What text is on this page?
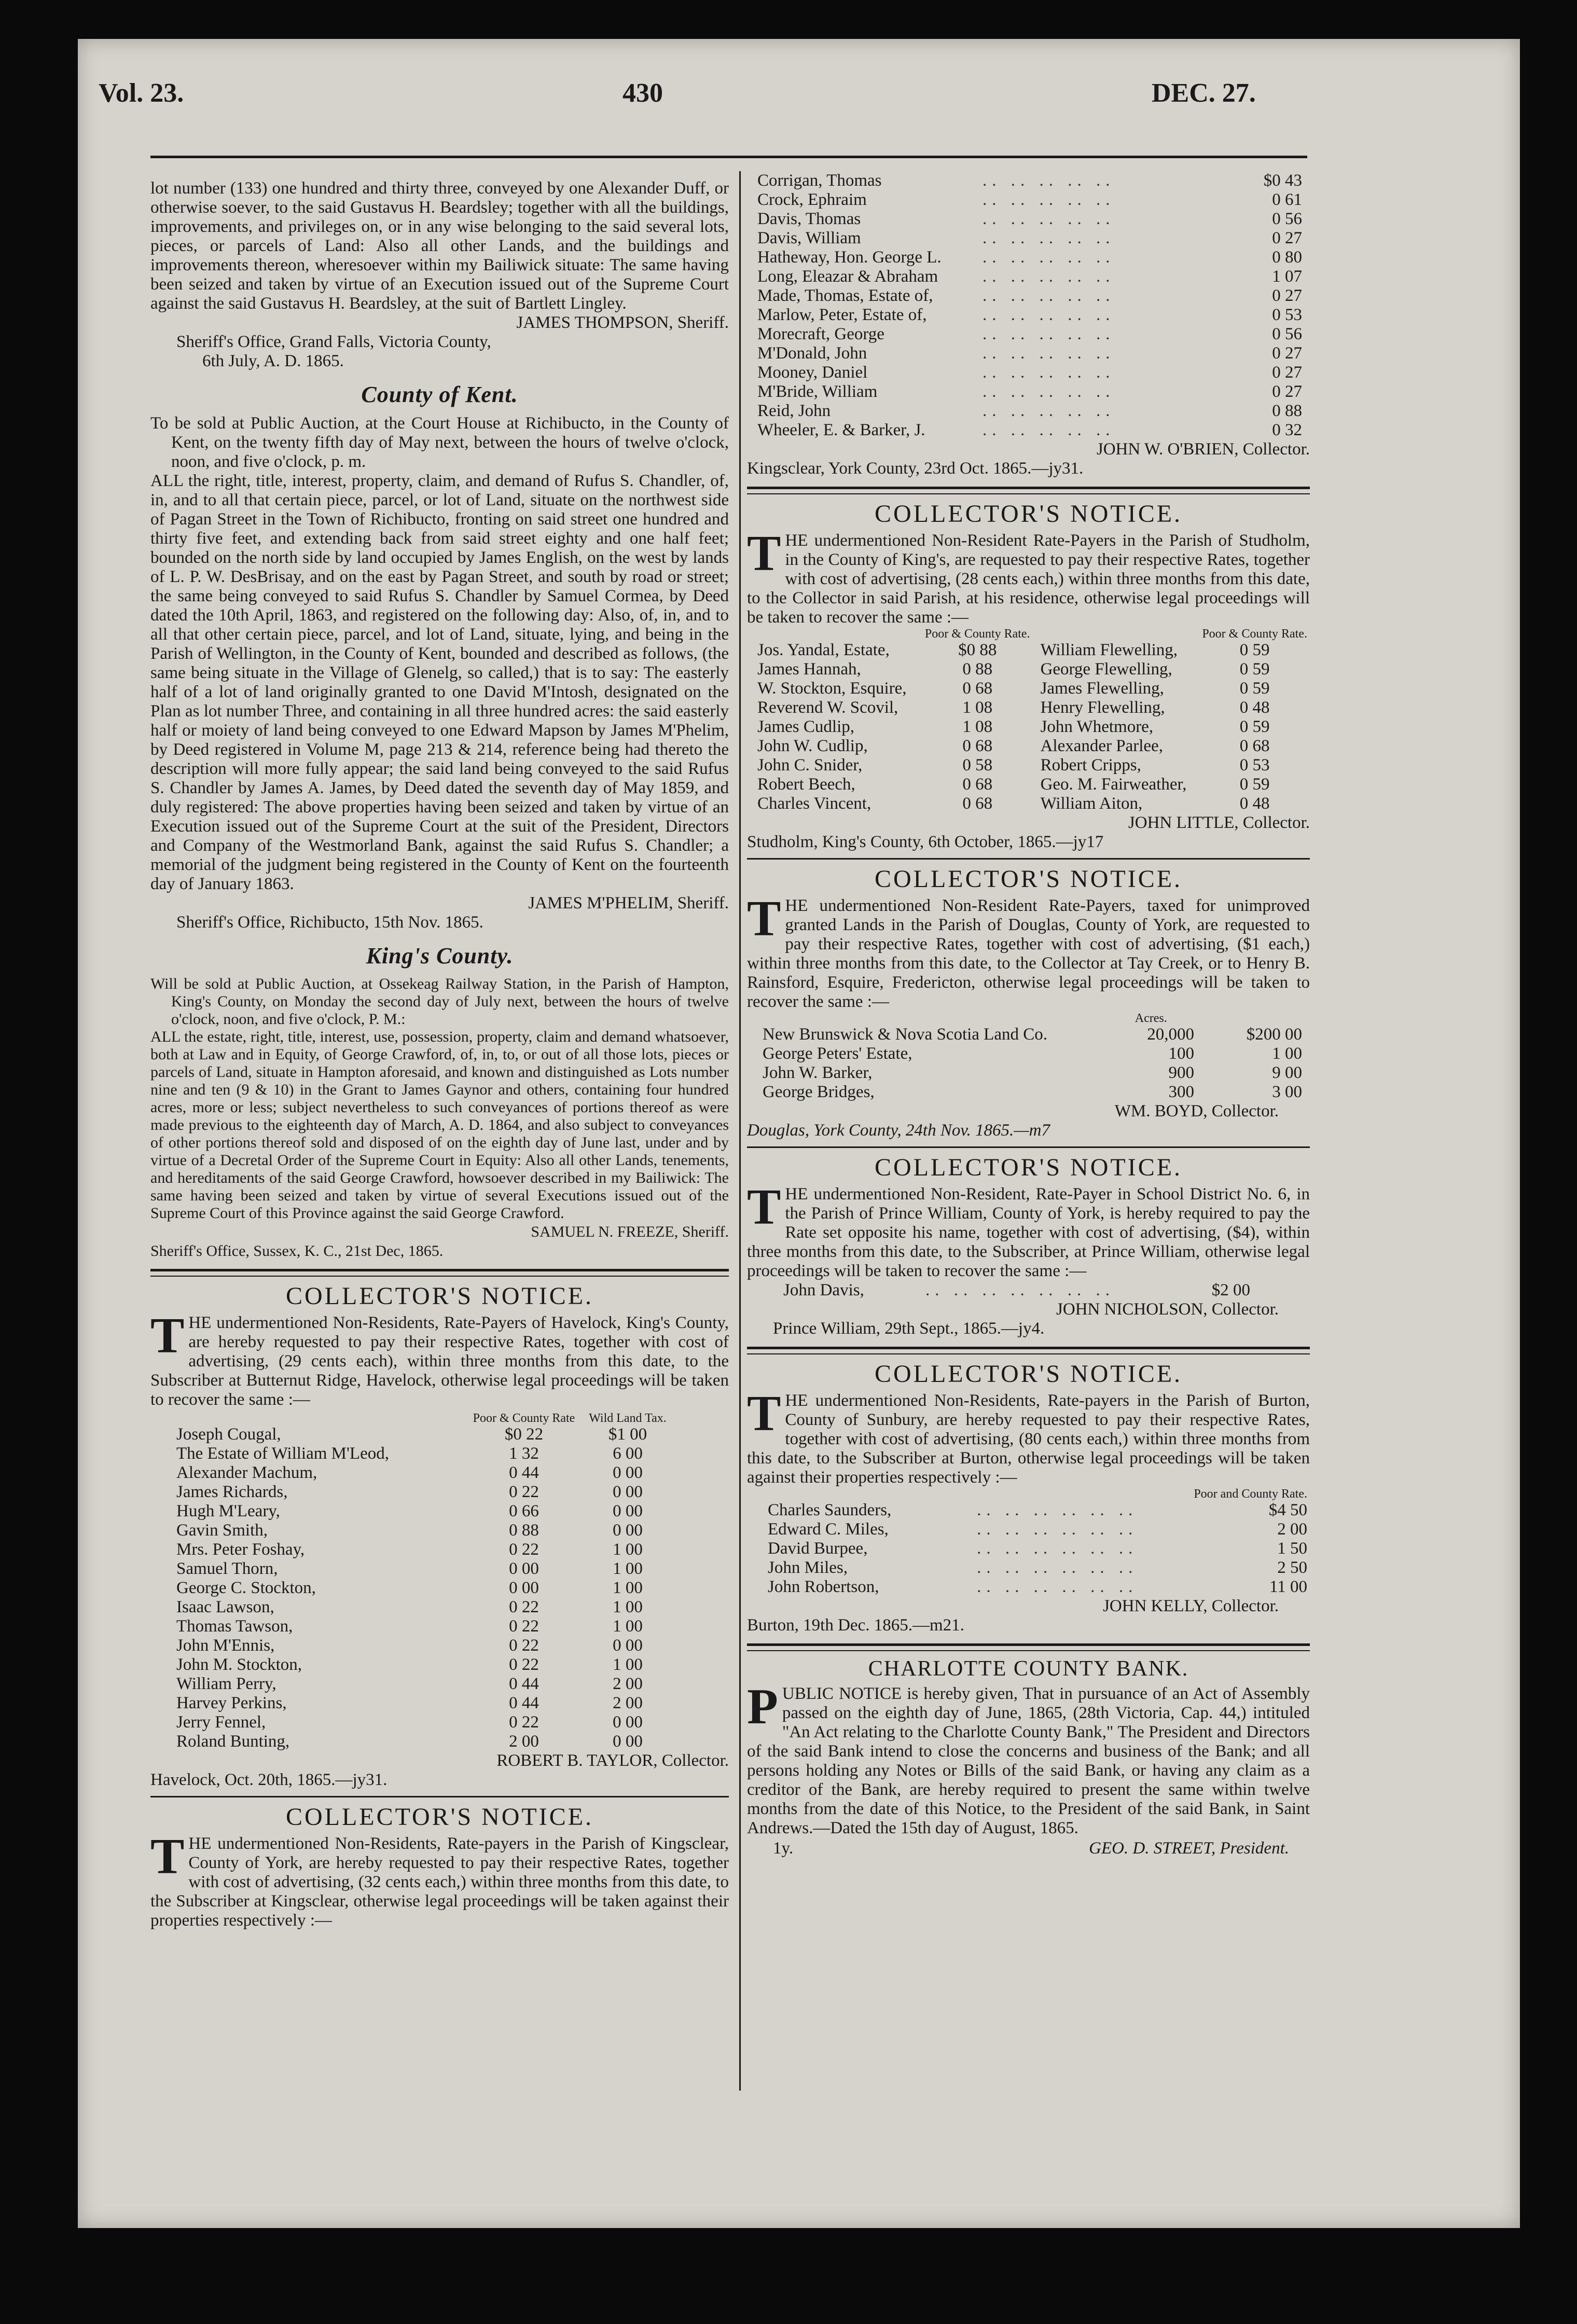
Vol. 23.	430	DEC. 27.

lot number (133) one hundred and thirty three, conveyed by one Alexander Duff, or otherwise soever, to the said Gustavus H. Beardsley; together with all the buildings, improvements, and privileges on, or in any wise belonging to the said several lots, pieces, or parcels of Land: Also all other Lands, and the buildings and improvements thereon, wheresoever within my Bailiwick situate: The same having been seized and taken by virtue of an Execution issued out of the Supreme Court against the said Gustavus H. Beardsley, at the suit of Bartlett Lingley.

JAMES THOMPSON, Sheriff.
Sheriff's Office, Grand Falls, Victoria County,
6th July, A. D. 1865.
County of Kent.

To be sold at Public Auction, at the Court House at Richibucto, in the County of Kent, on the twenty fifth day of May next, between the hours of twelve o'clock, noon, and five o'clock, p. m.

ALL the right, title, interest, property, claim, and demand of Rufus S. Chandler, of, in, and to all that certain piece, parcel, or lot of Land, situate on the northwest side of Pagan Street in the Town of Richibucto, fronting on said street one hundred and thirty five feet, and extending back from said street eighty and one half feet; bounded on the north side by land occupied by James English, on the west by lands of L. P. W. DesBrisay, and on the east by Pagan Street, and south by road or street; the same being conveyed to said Rufus S. Chandler by Samuel Cormea, by Deed dated the 10th April, 1863, and registered on the following day: Also, of, in, and to all that other certain piece, parcel, and lot of Land, situate, lying, and being in the Parish of Wellington, in the County of Kent, bounded and described as follows, (the same being situate in the Village of Glenelg, so called,) that is to say: The easterly half of a lot of land originally granted to one David M'Intosh, designated on the Plan as lot number Three, and containing in all three hundred acres: the said easterly half or moiety of land being conveyed to one Edward Mapson by James M'Phelim, by Deed registered in Volume M, page 213 & 214, reference being had thereto the description will more fully appear; the said land being conveyed to the said Rufus S. Chandler by James A. James, by Deed dated the seventh day of May 1859, and duly registered: The above properties having been seized and taken by virtue of an Execution issued out of the Supreme Court at the suit of the President, Directors and Company of the Westmorland Bank, against the said Rufus S. Chandler; a memorial of the judgment being registered in the County of Kent on the fourteenth day of January 1863.

JAMES M'PHELIM, Sheriff.
Sheriff's Office, Richibucto, 15th Nov. 1865.
King's County.

Will be sold at Public Auction, at Ossekeag Railway Station, in the Parish of Hampton, King's County, on Monday the second day of July next, between the hours of twelve o'clock, noon, and five o'clock, P. M.:

ALL the estate, right, title, interest, use, possession, property, claim and demand whatsoever, both at Law and in Equity, of George Crawford, of, in, to, or out of all those lots, pieces or parcels of Land, situate in Hampton aforesaid, and known and distinguished as Lots number nine and ten (9 & 10) in the Grant to James Gaynor and others, containing four hundred acres, more or less; subject nevertheless to such conveyances of portions thereof as were made previous to the eighteenth day of March, A. D. 1864, and also subject to conveyances of other portions thereof sold and disposed of on the eighth day of June last, under and by virtue of a Decretal Order of the Supreme Court in Equity: Also all other Lands, tenements, and hereditaments of the said George Crawford, howsoever described in my Bailiwick: The same having been seized and taken by virtue of several Executions issued out of the Supreme Court of this Province against the said George Crawford.

SAMUEL N. FREEZE, Sheriff.
Sheriff's Office, Sussex, K. C., 21st Dec, 1865.
COLLECTOR'S NOTICE.

THE undermentioned Non-Residents, Rate-Payers of Havelock, King's County, are hereby requested to pay their respective Rates, together with cost of advertising, (29 cents each), within three months from this date, to the Subscriber at Butternut Ridge, Havelock, otherwise legal proceedings will be taken to recover the same :—

	Poor & County Rate	Wild Land Tax.
Joseph Cougal,	$0 22	$1 00
The Estate of William M'Leod,	1 32	6 00
Alexander Machum,	0 44	0 00
James Richards,	0 22	0 00
Hugh M'Leary,	0 66	0 00
Gavin Smith,	0 88	0 00
Mrs. Peter Foshay,	0 22	1 00
Samuel Thorn,	0 00	1 00
George C. Stockton,	0 00	1 00
Isaac Lawson,	0 22	1 00
Thomas Tawson,	0 22	1 00
John M'Ennis,	0 22	0 00
John M. Stockton,	0 22	1 00
William Perry,	0 44	2 00
Harvey Perkins,	0 44	2 00
Jerry Fennel,	0 22	0 00
Roland Bunting,	2 00	0 00
ROBERT B. TAYLOR, Collector.
Havelock, Oct. 20th, 1865.—jy31.
COLLECTOR'S NOTICE.

THE undermentioned Non-Residents, Rate-payers in the Parish of Kingsclear, County of York, are hereby requested to pay their respective Rates, together with cost of advertising, (32 cents each,) within three months from this date, to the Subscriber at Kingsclear, otherwise legal proceedings will be taken against their properties respectively :—

Corrigan, Thomas	.. .. .. .. ..	$0 43
Crock, Ephraim	.. .. .. .. ..	0 61
Davis, Thomas	.. .. .. .. ..	0 56
Davis, William	.. .. .. .. ..	0 27
Hatheway, Hon. George L.	.. .. .. .. ..	0 80
Long, Eleazar & Abraham	.. .. .. .. ..	1 07
Made, Thomas, Estate of,	.. .. .. .. ..	0 27
Marlow, Peter, Estate of,	.. .. .. .. ..	0 53
Morecraft, George	.. .. .. .. ..	0 56
M'Donald, John	.. .. .. .. ..	0 27
Mooney, Daniel	.. .. .. .. ..	0 27
M'Bride, William	.. .. .. .. ..	0 27
Reid, John	.. .. .. .. ..	0 88
Wheeler, E. & Barker, J.	.. .. .. .. ..	0 32
JOHN W. O'BRIEN, Collector.
Kingsclear, York County, 23rd Oct. 1865.—jy31.
COLLECTOR'S NOTICE.

THE undermentioned Non-Resident Rate-Payers in the Parish of Studholm, in the County of King's, are requested to pay their respective Rates, together with cost of advertising, (28 cents each,) within three months from this date, to the Collector in said Parish, at his residence, otherwise legal proceedings will be taken to recover the same :—

	Poor & County Rate.		Poor & County Rate.
Jos. Yandal, Estate,	$0 88	William Flewelling,	0 59
James Hannah,	0 88	George Flewelling,	0 59
W. Stockton, Esquire,	0 68	James Flewelling,	0 59
Reverend W. Scovil,	1 08	Henry Flewelling,	0 48
James Cudlip,	1 08	John Whetmore,	0 59
John W. Cudlip,	0 68	Alexander Parlee,	0 68
John C. Snider,	0 58	Robert Cripps,	0 53
Robert Beech,	0 68	Geo. M. Fairweather,	0 59
Charles Vincent,	0 68	William Aiton,	0 48
JOHN LITTLE, Collector.
Studholm, King's County, 6th October, 1865.—jy17
COLLECTOR'S NOTICE.

THE undermentioned Non-Resident Rate-Payers, taxed for unimproved granted Lands in the Parish of Douglas, County of York, are requested to pay their respective Rates, together with cost of advertising, ($1 each,) within three months from this date, to the Collector at Tay Creek, or to Henry B. Rainsford, Esquire, Fredericton, otherwise legal proceedings will be taken to recover the same :—

	Acres.	
New Brunswick & Nova Scotia Land Co.	20,000	$200 00
George Peters' Estate,	100	1 00
John W. Barker,	900	9 00
George Bridges,	300	3 00
WM. BOYD, Collector.
Douglas, York County, 24th Nov. 1865.—m7
COLLECTOR'S NOTICE.

THE undermentioned Non-Resident, Rate-Payer in School District No. 6, in the Parish of Prince William, County of York, is hereby required to pay the Rate set opposite his name, together with cost of advertising, ($4), within three months from this date, to the Subscriber, at Prince William, otherwise legal proceedings will be taken to recover the same :—

John Davis,	.. .. .. .. .. .. ..	$2 00
JOHN NICHOLSON, Collector.
Prince William, 29th Sept., 1865.—jy4.
COLLECTOR'S NOTICE.

THE undermentioned Non-Residents, Rate-payers in the Parish of Burton, County of Sunbury, are hereby requested to pay their respective Rates, together with cost of advertising, (80 cents each,) within three months from this date, to the Subscriber at Burton, otherwise legal proceedings will be taken against their properties respectively :—

		Poor and County Rate.
Charles Saunders,	.. .. .. .. .. ..	$4 50
Edward C. Miles,	.. .. .. .. .. ..	2 00
David Burpee,	.. .. .. .. .. ..	1 50
John Miles,	.. .. .. .. .. ..	2 50
John Robertson,	.. .. .. .. .. ..	11 00
JOHN KELLY, Collector.
Burton, 19th Dec. 1865.—m21.
CHARLOTTE COUNTY BANK.

PUBLIC NOTICE is hereby given, That in pursuance of an Act of Assembly passed on the eighth day of June, 1865, (28th Victoria, Cap. 44,) intituled "An Act relating to the Charlotte County Bank," The President and Directors of the said Bank intend to close the concerns and business of the Bank; and all persons holding any Notes or Bills of the said Bank, or having any claim as a creditor of the Bank, are hereby required to present the same within twelve months from the date of this Notice, to the President of the said Bank, in Saint Andrews.—Dated the 15th day of August, 1865.

1y.	GEO. D. STREET, President.
